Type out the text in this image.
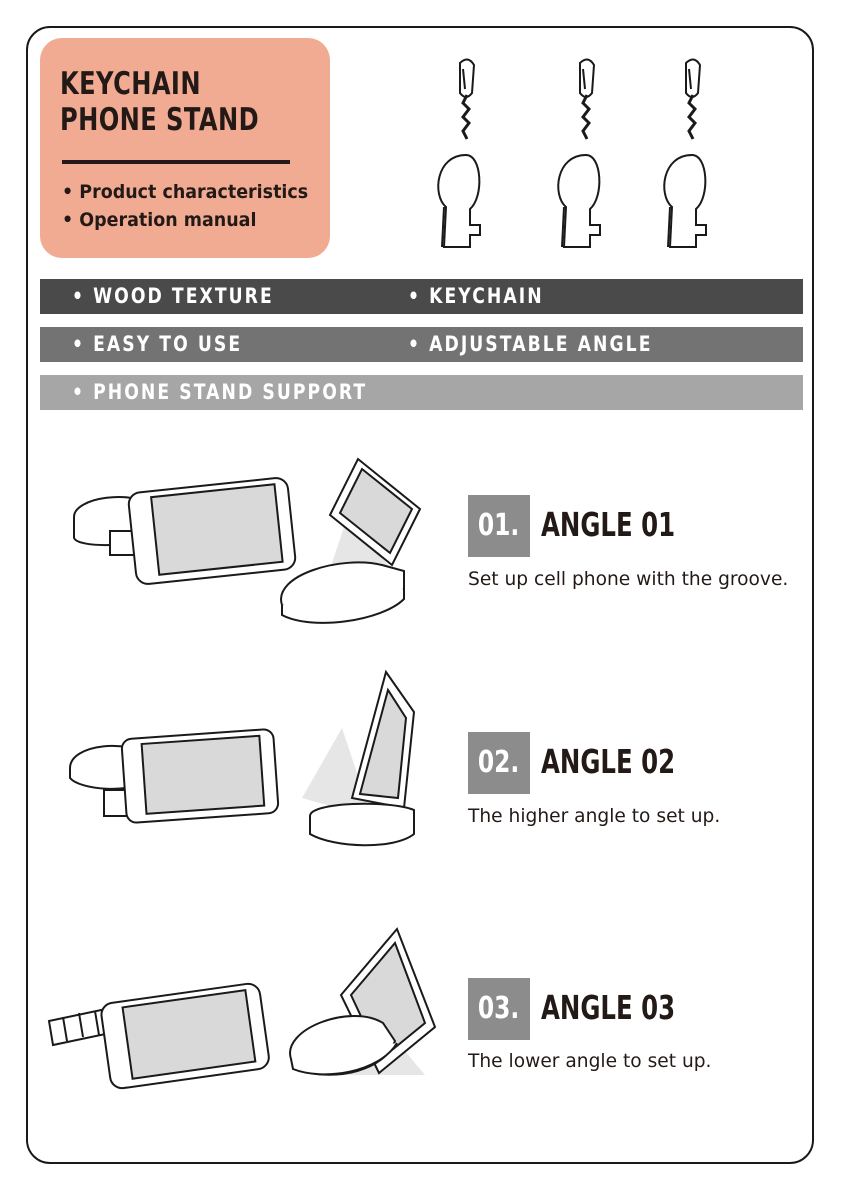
KEYCHAIN
PHONE STAND
• Product characteristics
• Operation manual
• WOOD TEXTURE	• KEYCHAIN
• EASY TO USE	• ADJUSTABLE ANGLE
• PHONE STAND SUPPORT
01. ANGLE 01
Set up cell phone with the groove.
02. ANGLE 02
The higher angle to set up.
03. ANGLE 03
The lower angle to set up.
